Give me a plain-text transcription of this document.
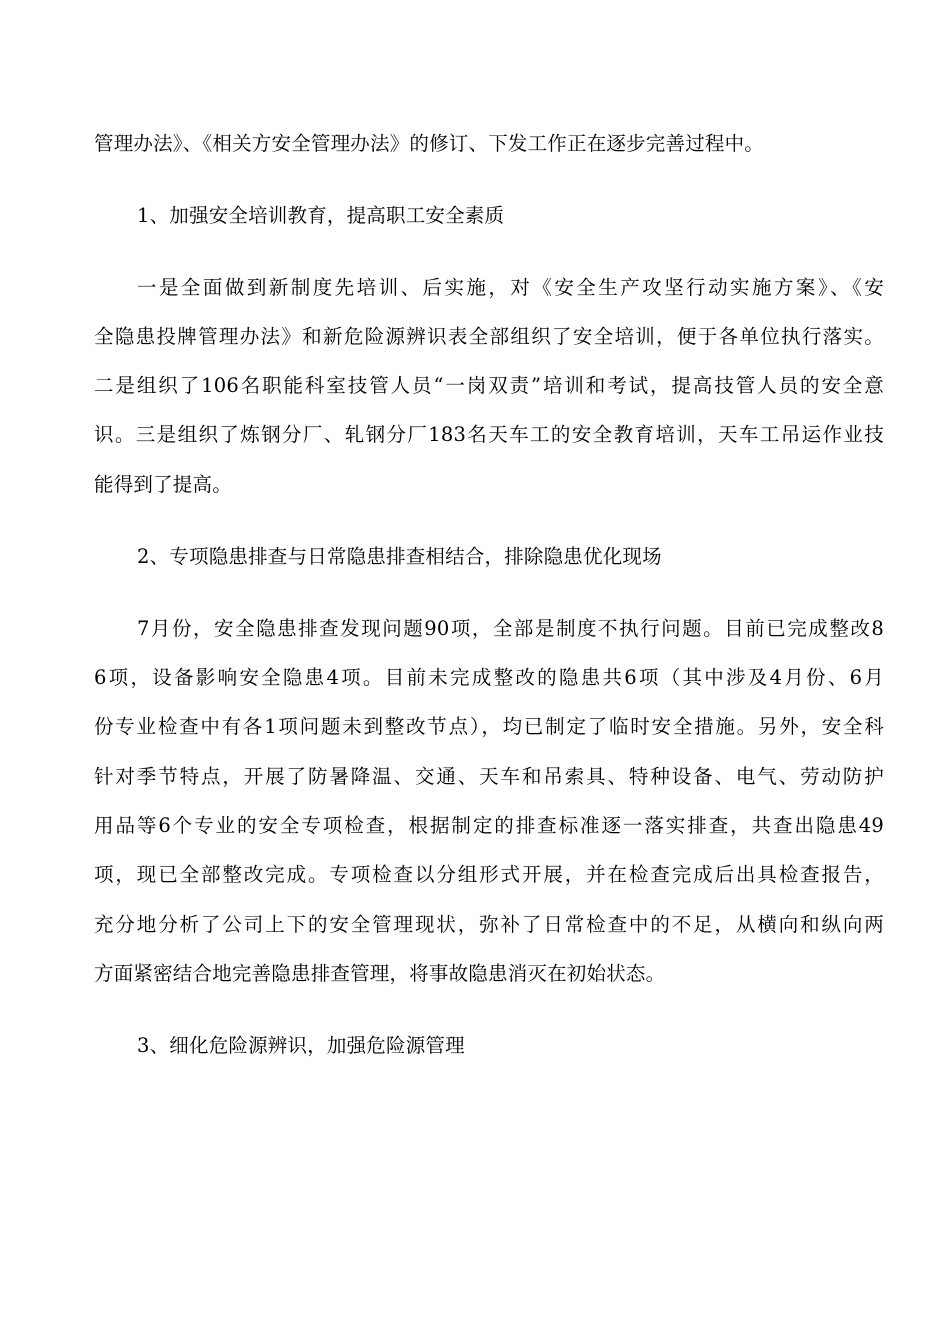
管理办法》、《相关方安全管理办法》的修订、下发工作正在逐步完善过程中。
1、加强安全培训教育，提高职工安全素质
一是全面做到新制度先培训、后实施，对《安全生产攻坚行动实施方案》、《安
全隐患投牌管理办法》和新危险源辨识表全部组织了安全培训，便于各单位执行落实。
二是组织了106名职能科室技管人员“一岗双责”培训和考试，提高技管人员的安全意
识。三是组织了炼钢分厂、轧钢分厂183名天车工的安全教育培训，天车工吊运作业技
能得到了提高。
2、专项隐患排查与日常隐患排查相结合，排除隐患优化现场
7月份，安全隐患排查发现问题90项，全部是制度不执行问题。目前已完成整改8
6项，设备影响安全隐患4项。目前未完成整改的隐患共6项（其中涉及4月份、6月
份专业检查中有各1项问题未到整改节点），均已制定了临时安全措施。另外，安全科
针对季节特点，开展了防暑降温、交通、天车和吊索具、特种设备、电气、劳动防护
用品等6个专业的安全专项检查，根据制定的排查标准逐一落实排查，共查出隐患49
项，现已全部整改完成。专项检查以分组形式开展，并在检查完成后出具检查报告，
充分地分析了公司上下的安全管理现状，弥补了日常检查中的不足，从横向和纵向两
方面紧密结合地完善隐患排查管理，将事故隐患消灭在初始状态。
3、细化危险源辨识，加强危险源管理
